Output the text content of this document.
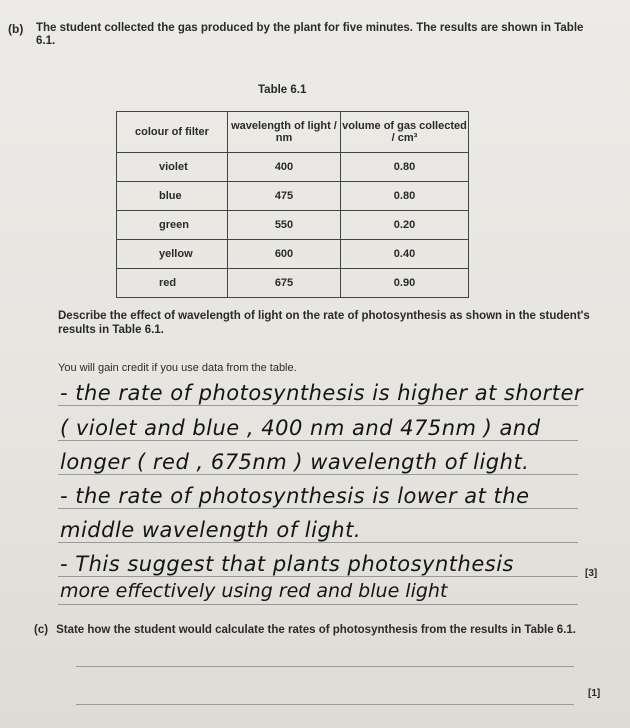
(b) The student collected the gas produced by the plant for five minutes. The results are shown in Table 6.1.
Table 6.1
colour of filter	wavelength of light / nm	volume of gas collected / cm³
violet	400	0.80
blue	475	0.80
green	550	0.20
yellow	600	0.40
red	675	0.90
Describe the effect of wavelength of light on the rate of photosynthesis as shown in the student's results in Table 6.1.
You will gain credit if you use data from the table.
- the rate of photosynthesis is higher at shorter
( violet and blue , 400 nm and 475nm ) and
longer ( red , 675nm ) wavelength of light.
- the rate of photosynthesis is lower at the
middle wavelength of light.
- This suggest that plants photosynthesis
more effectively using red and blue light
[3]
(c) State how the student would calculate the rates of photosynthesis from the results in Table 6.1.
[1]
